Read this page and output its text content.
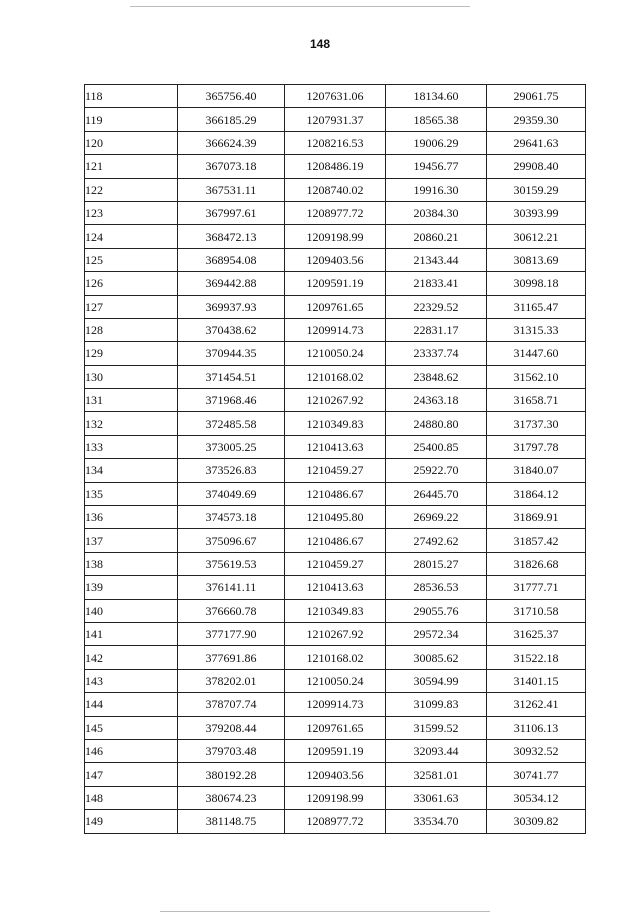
148
118	365756.40	1207631.06	18134.60	29061.75
119	366185.29	1207931.37	18565.38	29359.30
120	366624.39	1208216.53	19006.29	29641.63
121	367073.18	1208486.19	19456.77	29908.40
122	367531.11	1208740.02	19916.30	30159.29
123	367997.61	1208977.72	20384.30	30393.99
124	368472.13	1209198.99	20860.21	30612.21
125	368954.08	1209403.56	21343.44	30813.69
126	369442.88	1209591.19	21833.41	30998.18
127	369937.93	1209761.65	22329.52	31165.47
128	370438.62	1209914.73	22831.17	31315.33
129	370944.35	1210050.24	23337.74	31447.60
130	371454.51	1210168.02	23848.62	31562.10
131	371968.46	1210267.92	24363.18	31658.71
132	372485.58	1210349.83	24880.80	31737.30
133	373005.25	1210413.63	25400.85	31797.78
134	373526.83	1210459.27	25922.70	31840.07
135	374049.69	1210486.67	26445.70	31864.12
136	374573.18	1210495.80	26969.22	31869.91
137	375096.67	1210486.67	27492.62	31857.42
138	375619.53	1210459.27	28015.27	31826.68
139	376141.11	1210413.63	28536.53	31777.71
140	376660.78	1210349.83	29055.76	31710.58
141	377177.90	1210267.92	29572.34	31625.37
142	377691.86	1210168.02	30085.62	31522.18
143	378202.01	1210050.24	30594.99	31401.15
144	378707.74	1209914.73	31099.83	31262.41
145	379208.44	1209761.65	31599.52	31106.13
146	379703.48	1209591.19	32093.44	30932.52
147	380192.28	1209403.56	32581.01	30741.77
148	380674.23	1209198.99	33061.63	30534.12
149	381148.75	1208977.72	33534.70	30309.82
